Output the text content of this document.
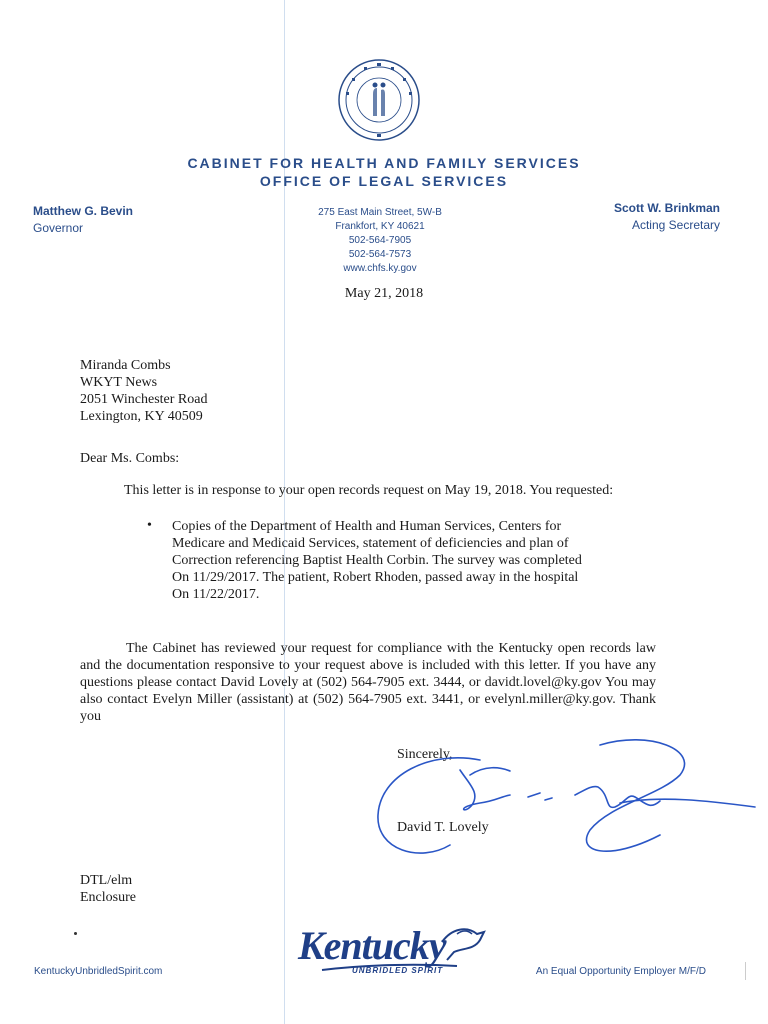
CABINET FOR HEALTH AND FAMILY SERVICES
OFFICE OF LEGAL SERVICES
Matthew G. Bevin
Governor
275 East Main Street, 5W-B
Frankfort, KY 40621
502-564-7905
502-564-7573
www.chfs.ky.gov
Scott W. Brinkman
Acting Secretary
May 21, 2018
Miranda Combs
WKYT News
2051 Winchester Road
Lexington, KY 40509
Dear Ms. Combs:
This letter is in response to your open records request on May 19, 2018. You requested:
• Copies of the Department of Health and Human Services, Centers for
Medicare and Medicaid Services, statement of deficiencies and plan of
Correction referencing Baptist Health Corbin. The survey was completed
On 11/29/2017. The patient, Robert Rhoden, passed away in the hospital
On 11/22/2017.
The Cabinet has reviewed your request for compliance with the Kentucky open records law and the documentation responsive to your request above is included with this letter. If you have any questions please contact David Lovely at (502) 564-7905 ext. 3444, or davidt.lovel@ky.gov You may also contact Evelyn Miller (assistant) at (502) 564-7905 ext. 3441, or evelynl.miller@ky.gov. Thank you
Sincerely,
David T. Lovely
DTL/elm
Enclosure
KentuckyUnbridledSpirit.com
Kentucky
UNBRIDLED SPIRIT	An Equal Opportunity Employer M/F/D
